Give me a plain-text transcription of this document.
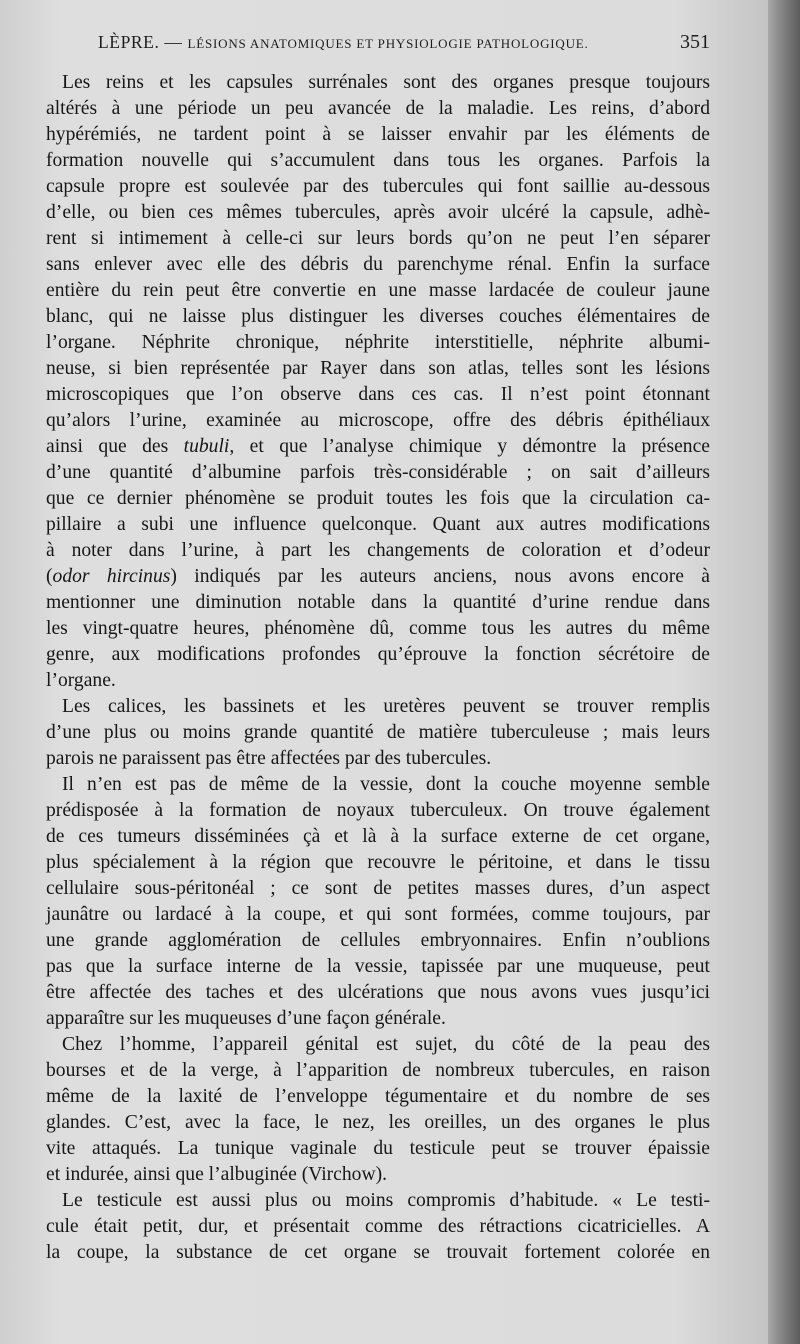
LÈPRE. — LÉSIONS ANATOMIQUES ET PHYSIOLOGIE PATHOLOGIQUE.	351
Les reins et les capsules surrénales sont des organes presque toujours
altérés à une période un peu avancée de la maladie. Les reins, d’abord
hypérémiés, ne tardent point à se laisser envahir par les éléments de
formation nouvelle qui s’accumulent dans tous les organes. Parfois la
capsule propre est soulevée par des tubercules qui font saillie au-dessous
d’elle, ou bien ces mêmes tubercules, après avoir ulcéré la capsule, adhè-
rent si intimement à celle-ci sur leurs bords qu’on ne peut l’en séparer
sans enlever avec elle des débris du parenchyme rénal. Enfin la surface
entière du rein peut être convertie en une masse lardacée de couleur jaune
blanc, qui ne laisse plus distinguer les diverses couches élémentaires de
l’organe. Néphrite chronique, néphrite interstitielle, néphrite albumi-
neuse, si bien représentée par Rayer dans son atlas, telles sont les lésions
microscopiques que l’on observe dans ces cas. Il n’est point étonnant
qu’alors l’urine, examinée au microscope, offre des débris épithéliaux
ainsi que des tubuli, et que l’analyse chimique y démontre la présence
d’une quantité d’albumine parfois très-considérable ; on sait d’ailleurs
que ce dernier phénomène se produit toutes les fois que la circulation ca-
pillaire a subi une influence quelconque. Quant aux autres modifications
à noter dans l’urine, à part les changements de coloration et d’odeur
(odor hircinus) indiqués par les auteurs anciens, nous avons encore à
mentionner une diminution notable dans la quantité d’urine rendue dans
les vingt-quatre heures, phénomène dû, comme tous les autres du même
genre, aux modifications profondes qu’éprouve la fonction sécrétoire de
l’organe.
Les calices, les bassinets et les uretères peuvent se trouver remplis
d’une plus ou moins grande quantité de matière tuberculeuse ; mais leurs
parois ne paraissent pas être affectées par des tubercules.
Il n’en est pas de même de la vessie, dont la couche moyenne semble
prédisposée à la formation de noyaux tuberculeux. On trouve également
de ces tumeurs disséminées çà et là à la surface externe de cet organe,
plus spécialement à la région que recouvre le péritoine, et dans le tissu
cellulaire sous-péritonéal ; ce sont de petites masses dures, d’un aspect
jaunâtre ou lardacé à la coupe, et qui sont formées, comme toujours, par
une grande agglomération de cellules embryonnaires. Enfin n’oublions
pas que la surface interne de la vessie, tapissée par une muqueuse, peut
être affectée des taches et des ulcérations que nous avons vues jusqu’ici
apparaître sur les muqueuses d’une façon générale.
Chez l’homme, l’appareil génital est sujet, du côté de la peau des
bourses et de la verge, à l’apparition de nombreux tubercules, en raison
même de la laxité de l’enveloppe tégumentaire et du nombre de ses
glandes. C’est, avec la face, le nez, les oreilles, un des organes le plus
vite attaqués. La tunique vaginale du testicule peut se trouver épaissie
et indurée, ainsi que l’albuginée (Virchow).
Le testicule est aussi plus ou moins compromis d’habitude. « Le testi-
cule était petit, dur, et présentait comme des rétractions cicatricielles. A
la coupe, la substance de cet organe se trouvait fortement colorée en
